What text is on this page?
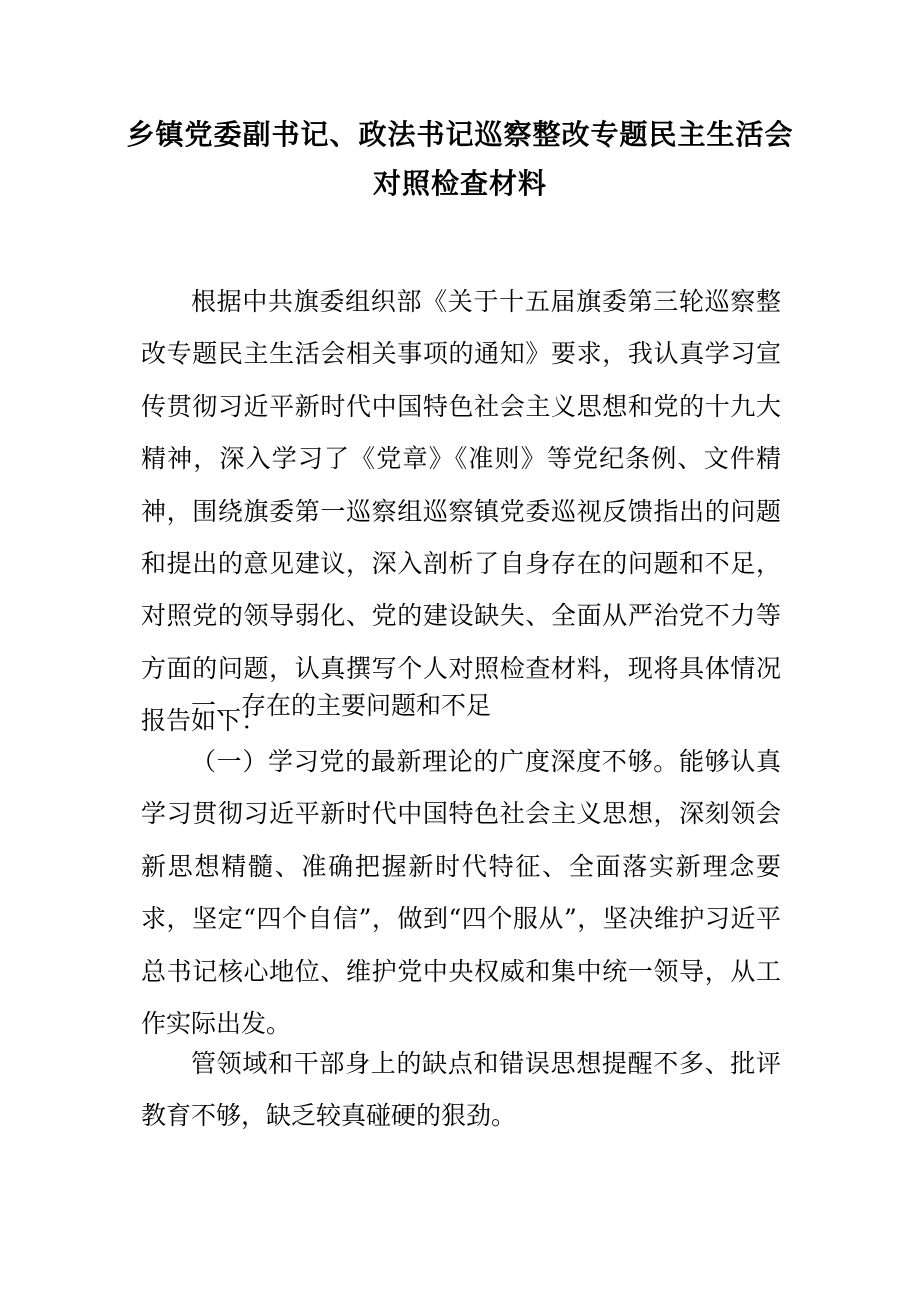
乡镇党委副书记、政法书记巡察整改专题民主生活会
对照检查材料

根据中共旗委组织部《关于十五届旗委第三轮巡察整改专题民主生活会相关事项的通知》要求，我认真学习宣传贯彻习近平新时代中国特色社会主义思想和党的十九大精神，深入学习了《党章》《准则》等党纪条例、文件精神，围绕旗委第一巡察组巡察镇党委巡视反馈指出的问题和提出的意见建议，深入剖析了自身存在的问题和不足，对照党的领导弱化、党的建设缺失、全面从严治党不力等方面的问题，认真撰写个人对照检查材料，现将具体情况报告如下：

一、存在的主要问题和不足

（一）学习党的最新理论的广度深度不够。能够认真学习贯彻习近平新时代中国特色社会主义思想，深刻领会新思想精髓、准确把握新时代特征、全面落实新理念要求，坚定“四个自信”，做到“四个服从”，坚决维护习近平总书记核心地位、维护党中央权威和集中统一领导，从工作实际出发。

管领域和干部身上的缺点和错误思想提醒不多、批评教育不够，缺乏较真碰硬的狠劲。
